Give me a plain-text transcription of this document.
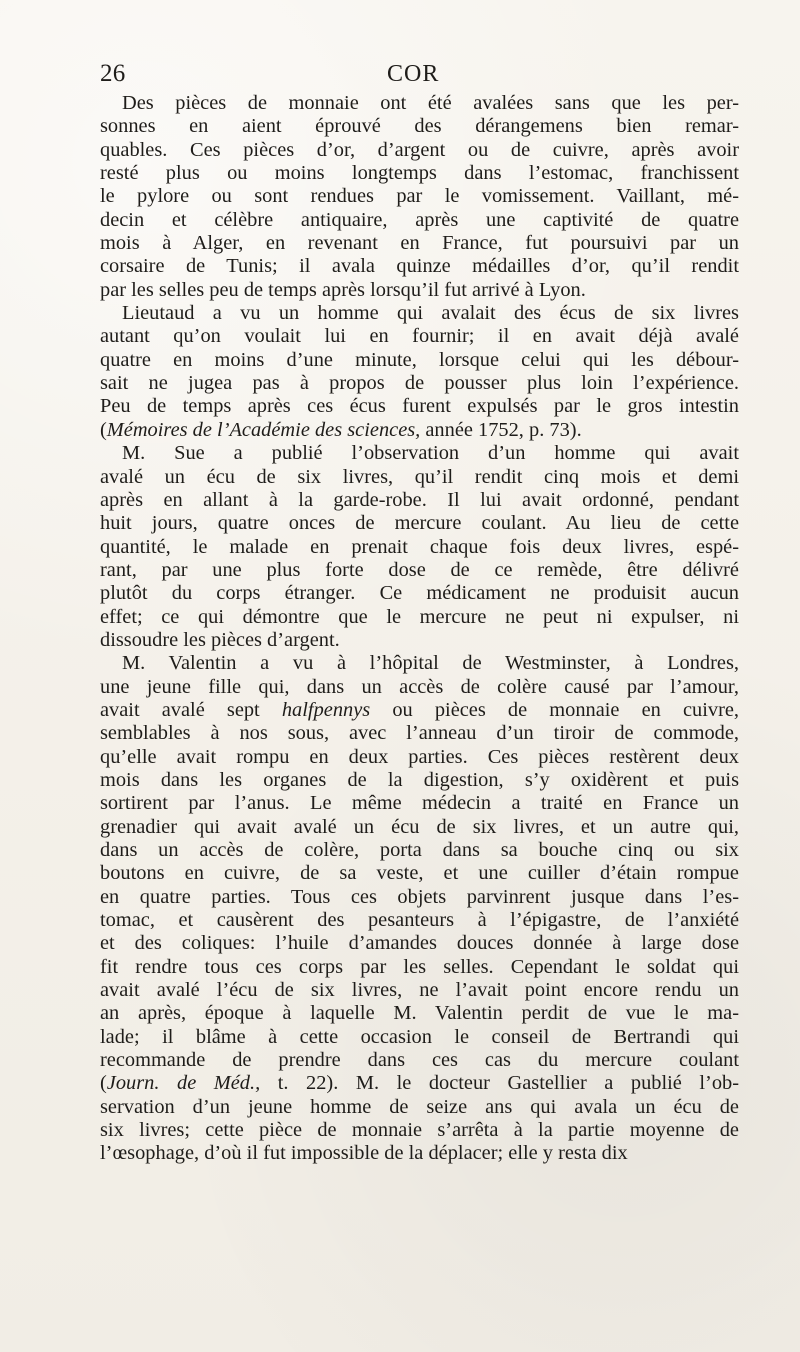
26	COR

Des pièces de monnaie ont été avalées sans que les per-
sonnes en aient éprouvé des dérangemens bien remar-
quables. Ces pièces d’or, d’argent ou de cuivre, après avoir
resté plus ou moins longtemps dans l’estomac, franchissent
le pylore ou sont rendues par le vomissement. Vaillant, mé-
decin et célèbre antiquaire, après une captivité de quatre
mois à Alger, en revenant en France, fut poursuivi par un
corsaire de Tunis; il avala quinze médailles d’or, qu’il rendit
par les selles peu de temps après lorsqu’il fut arrivé à Lyon.

Lieutaud a vu un homme qui avalait des écus de six livres
autant qu’on voulait lui en fournir; il en avait déjà avalé
quatre en moins d’une minute, lorsque celui qui les débour-
sait ne jugea pas à propos de pousser plus loin l’expérience.
Peu de temps après ces écus furent expulsés par le gros intestin
(Mémoires de l’Académie des sciences, année 1752, p. 73).

M. Sue a publié l’observation d’un homme qui avait
avalé un écu de six livres, qu’il rendit cinq mois et demi
après en allant à la garde-robe. Il lui avait ordonné, pendant
huit jours, quatre onces de mercure coulant. Au lieu de cette
quantité, le malade en prenait chaque fois deux livres, espé-
rant, par une plus forte dose de ce remède, être délivré
plutôt du corps étranger. Ce médicament ne produisit aucun
effet; ce qui démontre que le mercure ne peut ni expulser, ni
dissoudre les pièces d’argent.

M. Valentin a vu à l’hôpital de Westminster, à Londres,
une jeune fille qui, dans un accès de colère causé par l’amour,
avait avalé sept halfpennys ou pièces de monnaie en cuivre,
semblables à nos sous, avec l’anneau d’un tiroir de commode,
qu’elle avait rompu en deux parties. Ces pièces restèrent deux
mois dans les organes de la digestion, s’y oxidèrent et puis
sortirent par l’anus. Le même médecin a traité en France un
grenadier qui avait avalé un écu de six livres, et un autre qui,
dans un accès de colère, porta dans sa bouche cinq ou six
boutons en cuivre, de sa veste, et une cuiller d’étain rompue
en quatre parties. Tous ces objets parvinrent jusque dans l’es-
tomac, et causèrent des pesanteurs à l’épigastre, de l’anxiété
et des coliques: l’huile d’amandes douces donnée à large dose
fit rendre tous ces corps par les selles. Cependant le soldat qui
avait avalé l’écu de six livres, ne l’avait point encore rendu un
an après, époque à laquelle M. Valentin perdit de vue le ma-
lade; il blâme à cette occasion le conseil de Bertrandi qui
recommande de prendre dans ces cas du mercure coulant
(Journ. de Méd., t. 22). M. le docteur Gastellier a publié l’ob-
servation d’un jeune homme de seize ans qui avala un écu de
six livres; cette pièce de monnaie s’arrêta à la partie moyenne de
l’œsophage, d’où il fut impossible de la déplacer; elle y resta dix
